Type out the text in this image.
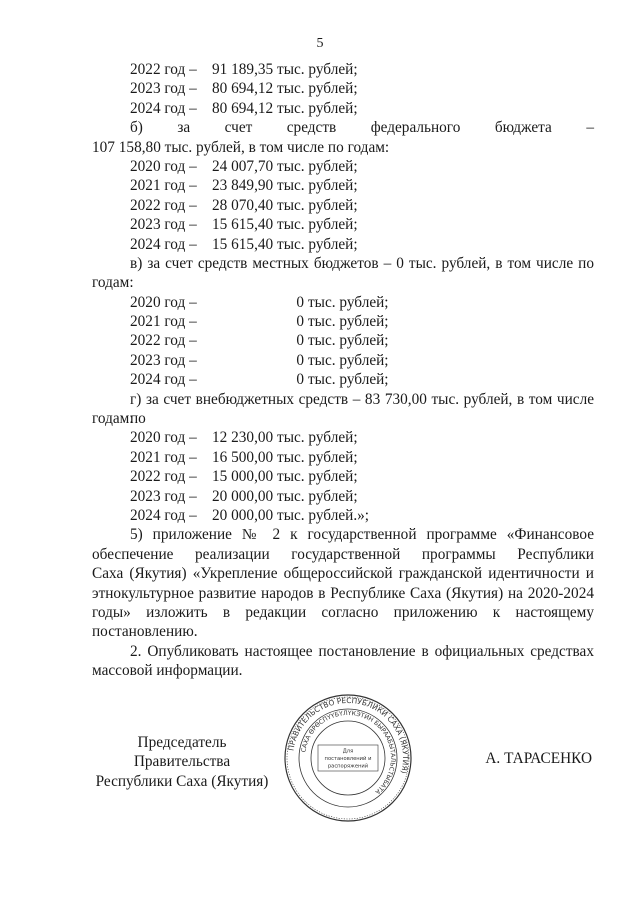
5
2022 год – 91 189,35 тыс. рублей;
2023 год – 80 694,12 тыс. рублей;
2024 год – 80 694,12 тыс. рублей;
б) за счет средств федерального бюджета –
107 158,80 тыс. рублей, в том числе по годам:
2020 год – 24 007,70 тыс. рублей;
2021 год – 23 849,90 тыс. рублей;
2022 год – 28 070,40 тыс. рублей;
2023 год – 15 615,40 тыс. рублей;
2024 год – 15 615,40 тыс. рублей;
в) за счет средств местных бюджетов – 0 тыс. рублей, в том числе по
годам:
2020 год –	0 тыс. рублей;
2021 год –	0 тыс. рублей;
2022 год –	0 тыс. рублей;
2023 год –	0 тыс. рублей;
2024 год –	0 тыс. рублей;
г) за счет внебюджетных средств – 83 730,00 тыс. рублей, в том числе по
годам:
2020 год – 12 230,00 тыс. рублей;
2021 год – 16 500,00 тыс. рублей;
2022 год – 15 000,00 тыс. рублей;
2023 год – 20 000,00 тыс. рублей;
2024 год – 20 000,00 тыс. рублей.»;
5) приложение № 2 к государственной программе «Финансовое
обеспечение реализации государственной программы Республики
Саха (Якутия) «Укрепление общероссийской гражданской идентичности и
этнокультурное развитие народов в Республике Саха (Якутия) на 2020-2024
годы» изложить в редакции согласно приложению к настоящему
постановлению.
2. Опубликовать настоящее постановление в официальных средствах
массовой информации.
Председатель Правительства
Республики Саха (Якутия)
А. ТАРАСЕНКО
ПРАВИТЕЛЬСТВО РЕСПУБЛИКИ САХА (ЯКУТИЯ)
САХА ӨРӨСПҮҮБҮЛҮКЭТИН БЫРААБЫТАЛЬСТЫБАТА
Для
постановлений и
распоряжений
